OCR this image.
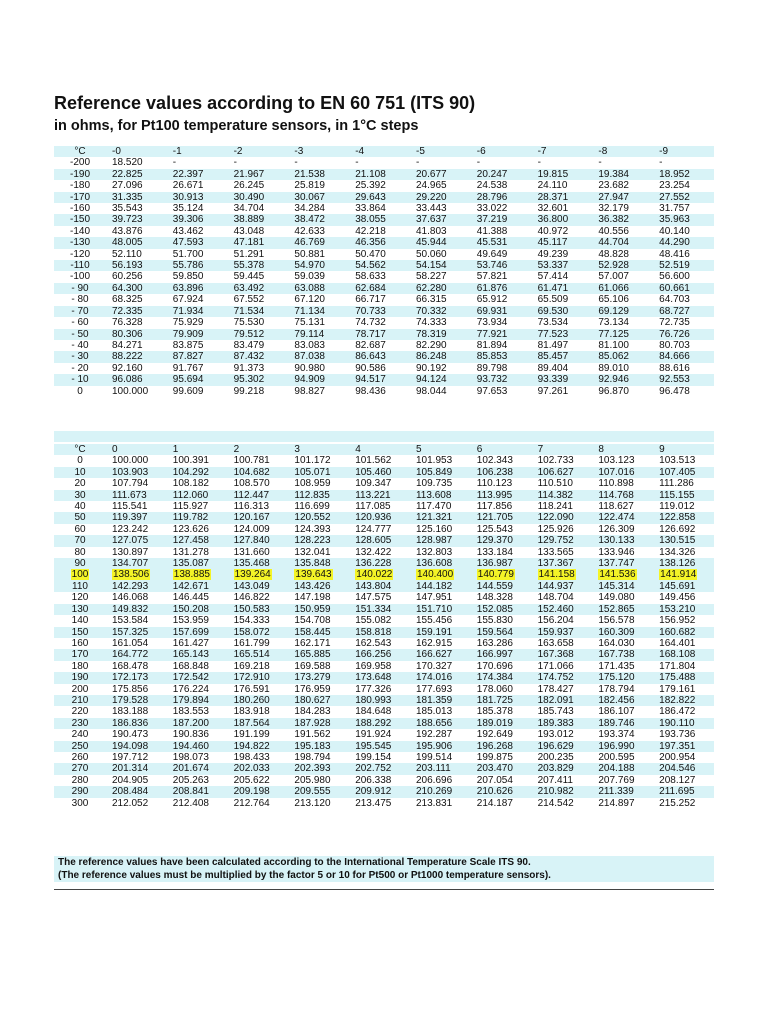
Reference values according to EN 60 751 (ITS 90)
in ohms, for Pt100 temperature sensors, in 1°C steps
°C	-0	-1	-2	-3	-4	-5	-6	-7	-8	-9
-200	18.520	-	-	-	-	-	-	-	-	-
-190	22.825	22.397	21.967	21.538	21.108	20.677	20.247	19.815	19.384	18.952
-180	27.096	26.671	26.245	25.819	25.392	24.965	24.538	24.110	23.682	23.254
-170	31.335	30.913	30.490	30.067	29.643	29.220	28.796	28.371	27.947	27.552
-160	35.543	35.124	34.704	34.284	33.864	33.443	33.022	32.601	32.179	31.757
-150	39.723	39.306	38.889	38.472	38.055	37.637	37.219	36.800	36.382	35.963
-140	43.876	43.462	43.048	42.633	42.218	41.803	41.388	40.972	40.556	40.140
-130	48.005	47.593	47.181	46.769	46.356	45.944	45.531	45.117	44.704	44.290
-120	52.110	51.700	51.291	50.881	50.470	50.060	49.649	49.239	48.828	48.416
-110	56.193	55.786	55.378	54.970	54.562	54.154	53.746	53.337	52.928	52.519
-100	60.256	59.850	59.445	59.039	58.633	58.227	57.821	57.414	57.007	56.600
- 90	64.300	63.896	63.492	63.088	62.684	62.280	61.876	61.471	61.066	60.661
- 80	68.325	67.924	67.552	67.120	66.717	66.315	65.912	65.509	65.106	64.703
- 70	72.335	71.934	71.534	71.134	70.733	70.332	69.931	69.530	69.129	68.727
- 60	76.328	75.929	75.530	75.131	74.732	74.333	73.934	73.534	73.134	72.735
- 50	80.306	79.909	79.512	79.114	78.717	78.319	77.921	77.523	77.125	76.726
- 40	84.271	83.875	83.479	83.083	82.687	82.290	81.894	81.497	81.100	80.703
- 30	88.222	87.827	87.432	87.038	86.643	86.248	85.853	85.457	85.062	84.666
- 20	92.160	91.767	91.373	90.980	90.586	90.192	89.798	89.404	89.010	88.616
- 10	96.086	95.694	95.302	94.909	94.517	94.124	93.732	93.339	92.946	92.553
0	100.000	99.609	99.218	98.827	98.436	98.044	97.653	97.261	96.870	96.478
°C	0	1	2	3	4	5	6	7	8	9
0	100.000	100.391	100.781	101.172	101.562	101.953	102.343	102.733	103.123	103.513
10	103.903	104.292	104.682	105.071	105.460	105.849	106.238	106.627	107.016	107.405
20	107.794	108.182	108.570	108.959	109.347	109.735	110.123	110.510	110.898	111.286
30	111.673	112.060	112.447	112.835	113.221	113.608	113.995	114.382	114.768	115.155
40	115.541	115.927	116.313	116.699	117.085	117.470	117.856	118.241	118.627	119.012
50	119.397	119.782	120.167	120.552	120.936	121.321	121.705	122.090	122.474	122.858
60	123.242	123.626	124.009	124.393	124.777	125.160	125.543	125.926	126.309	126.692
70	127.075	127.458	127.840	128.223	128.605	128.987	129.370	129.752	130.133	130.515
80	130.897	131.278	131.660	132.041	132.422	132.803	133.184	133.565	133.946	134.326
90	134.707	135.087	135.468	135.848	136.228	136.608	136.987	137.367	137.747	138.126
100	138.506	138.885	139.264	139.643	140.022	140.400	140.779	141.158	141.536	141.914
110	142.293	142.671	143.049	143.426	143.804	144.182	144.559	144.937	145.314	145.691
120	146.068	146.445	146.822	147.198	147.575	147.951	148.328	148.704	149.080	149.456
130	149.832	150.208	150.583	150.959	151.334	151.710	152.085	152.460	152.865	153.210
140	153.584	153.959	154.333	154.708	155.082	155.456	155.830	156.204	156.578	156.952
150	157.325	157.699	158.072	158.445	158.818	159.191	159.564	159.937	160.309	160.682
160	161.054	161.427	161.799	162.171	162.543	162.915	163.286	163.658	164.030	164.401
170	164.772	165.143	165.514	165.885	166.256	166.627	166.997	167.368	167.738	168.108
180	168.478	168.848	169.218	169.588	169.958	170.327	170.696	171.066	171.435	171.804
190	172.173	172.542	172.910	173.279	173.648	174.016	174.384	174.752	175.120	175.488
200	175.856	176.224	176.591	176.959	177.326	177.693	178.060	178.427	178.794	179.161
210	179.528	179.894	180.260	180.627	180.993	181.359	181.725	182.091	182.456	182.822
220	183.188	183.553	183.918	184.283	184.648	185.013	185.378	185.743	186.107	186.472
230	186.836	187.200	187.564	187.928	188.292	188.656	189.019	189.383	189.746	190.110
240	190.473	190.836	191.199	191.562	191.924	192.287	192.649	193.012	193.374	193.736
250	194.098	194.460	194.822	195.183	195.545	195.906	196.268	196.629	196.990	197.351
260	197.712	198.073	198.433	198.794	199.154	199.514	199.875	200.235	200.595	200.954
270	201.314	201.674	202.033	202.393	202.752	203.111	203.470	203.829	204.188	204.546
280	204.905	205.263	205.622	205.980	206.338	206.696	207.054	207.411	207.769	208.127
290	208.484	208.841	209.198	209.555	209.912	210.269	210.626	210.982	211.339	211.695
300	212.052	212.408	212.764	213.120	213.475	213.831	214.187	214.542	214.897	215.252
The reference values have been calculated according to the International Temperature Scale ITS 90.
(The reference values must be multiplied by the factor 5 or 10 for Pt500 or Pt1000 temperature sensors).
